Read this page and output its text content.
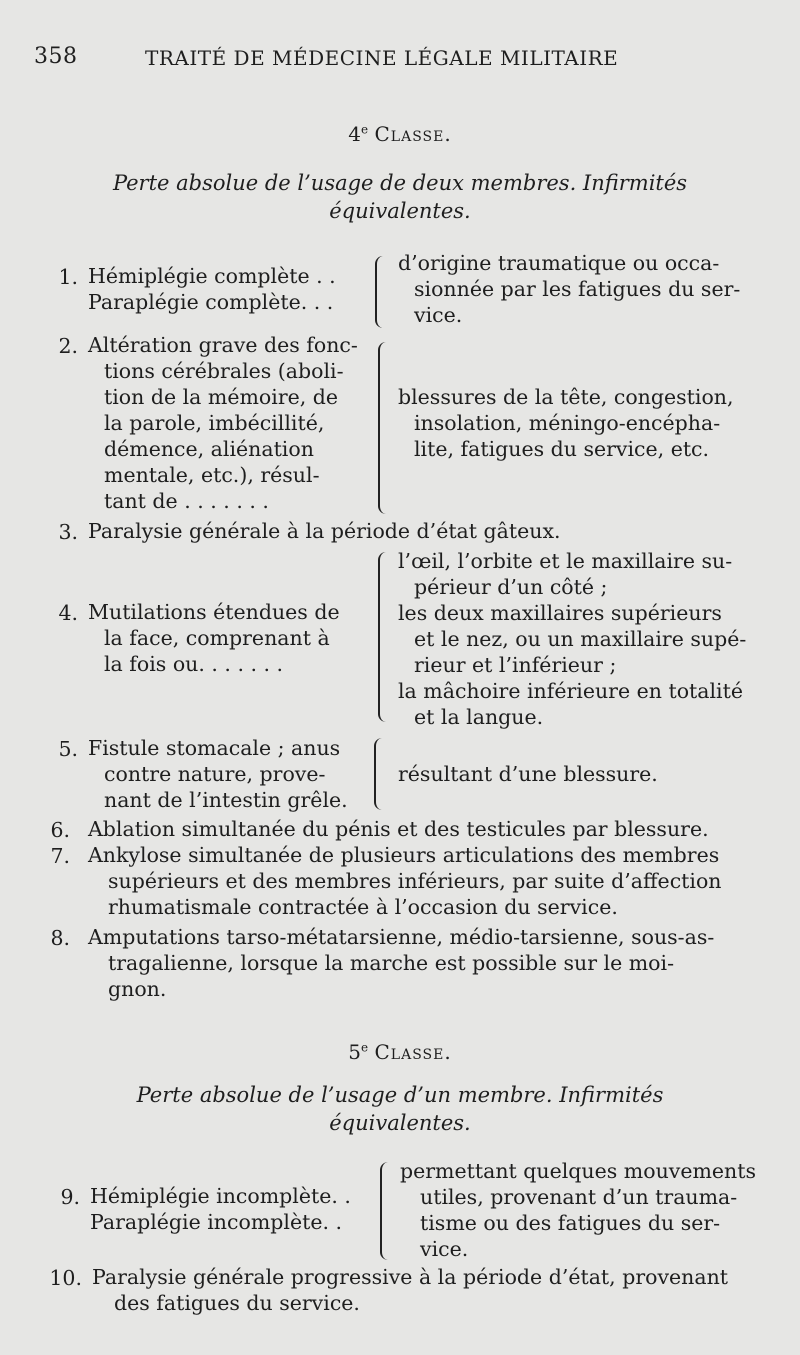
358	TRAITÉ DE MÉDECINE LÉGALE MILITAIRE
4e Classe.
Perte absolue de l’usage de deux membres. Infirmités
équivalentes.
1. Hémiplégie complète . .
Paraplégie complète. . .
d’origine traumatique ou occa-
sionnée par les fatigues du ser-
vice.
2. Altération grave des fonc-
tions cérébrales (aboli-
tion de la mémoire, de
la parole, imbécillité,
démence, aliénation
mentale, etc.), résul-
tant de . . . . . . .
blessures de la tête, congestion,
insolation, méningo-encépha-
lite, fatigues du service, etc.
3. Paralysie générale à la période d’état gâteux.
4. Mutilations étendues de
la face, comprenant à
la fois ou. . . . . . .
l’œil, l’orbite et le maxillaire su-
périeur d’un côté ;
les deux maxillaires supérieurs
et le nez, ou un maxillaire supé-
rieur et l’inférieur ;
la mâchoire inférieure en totalité
et la langue.
5. Fistule stomacale ; anus
contre nature, prove-
nant de l’intestin grêle.
résultant d’une blessure.
6. Ablation simultanée du pénis et des testicules par blessure.
7. Ankylose simultanée de plusieurs articulations des membres
supérieurs et des membres inférieurs, par suite d’affection
rhumatismale contractée à l’occasion du service.
8. Amputations tarso-métatarsienne, médio-tarsienne, sous-as-
tragalienne, lorsque la marche est possible sur le moi-
gnon.
5e Classe.
Perte absolue de l’usage d’un membre. Infirmités
équivalentes.
9. Hémiplégie incomplète. .
Paraplégie incomplète. .
permettant quelques mouvements
utiles, provenant d’un trauma-
tisme ou des fatigues du ser-
vice.
10. Paralysie générale progressive à la période d’état, provenant
des fatigues du service.
